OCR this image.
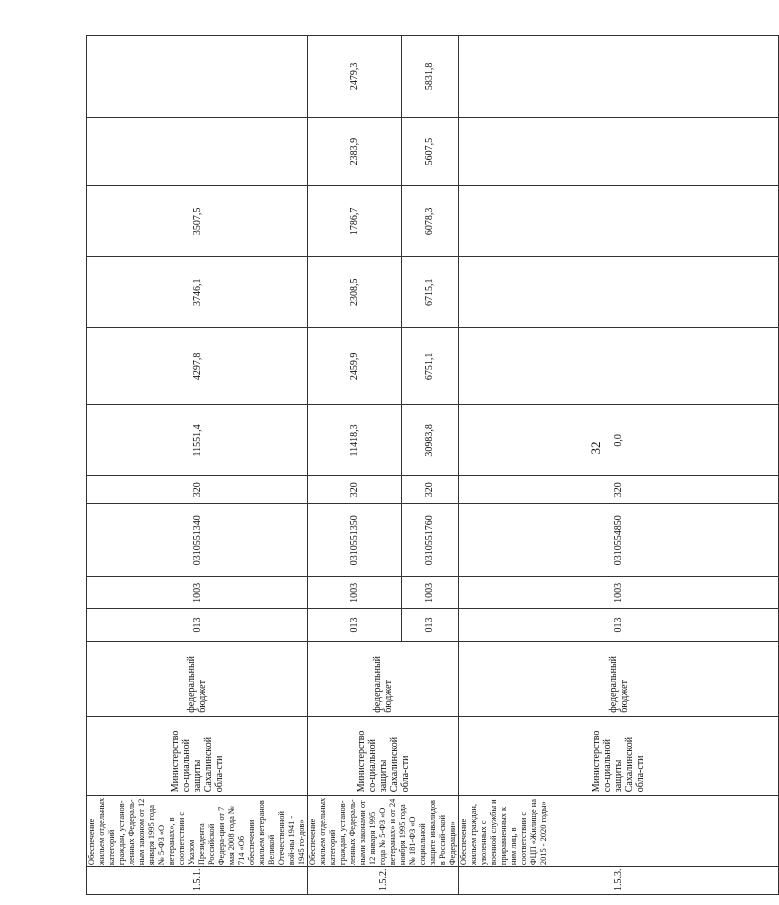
32
1.5.1.	Обеспечение жильем отдельных категорий граждан, установ-ленных Федераль-ным законом от 12 января 1995 года № 5-ФЗ «О ветеранах», в соответствии с Указом Президента Российской Федера-ции от 7 мая 2008 года № 714 «Об обеспечении жильем ветеранов Великой Отечественной вой-ны 1941 - 1945 го-дов»	Министерство со-циальной защиты Сахалинской обла-сти	федеральный бюджет	013	1003	0310551340	320	11551,4	4297,8	3746,1	3507,5		
1.5.2.	Обеспечение жильем отдельных категорий граждан, установ-ленных Федераль-ными законами от 12 января 1995 года № 5-ФЗ «О ветеранах» и от 24 ноября 1995 года № 181-ФЗ «О социальной защите инвалидов в Россий-ской Федерации»	Министерство со-циальной защиты Сахалинской обла-сти	федеральный бюджет	013	1003	0310551350	320	11418,3	2459,9	2308,5	1786,7	2383,9	2479,3
				013	1003	0310551760	320	30983,8	6751,1	6715,1	6078,3	5607,5	5831,8
1.5.3.	Обеспечение жильем граждан, уволенных с военной службы и приравненных к ним лиц, в соответствии с ФЦП «Жилище на 2015 - 2020 годы»	Министерство со-циальной защиты Сахалинской обла-сти	федеральный бюджет	013	1003	0310554850	320	0,0					
